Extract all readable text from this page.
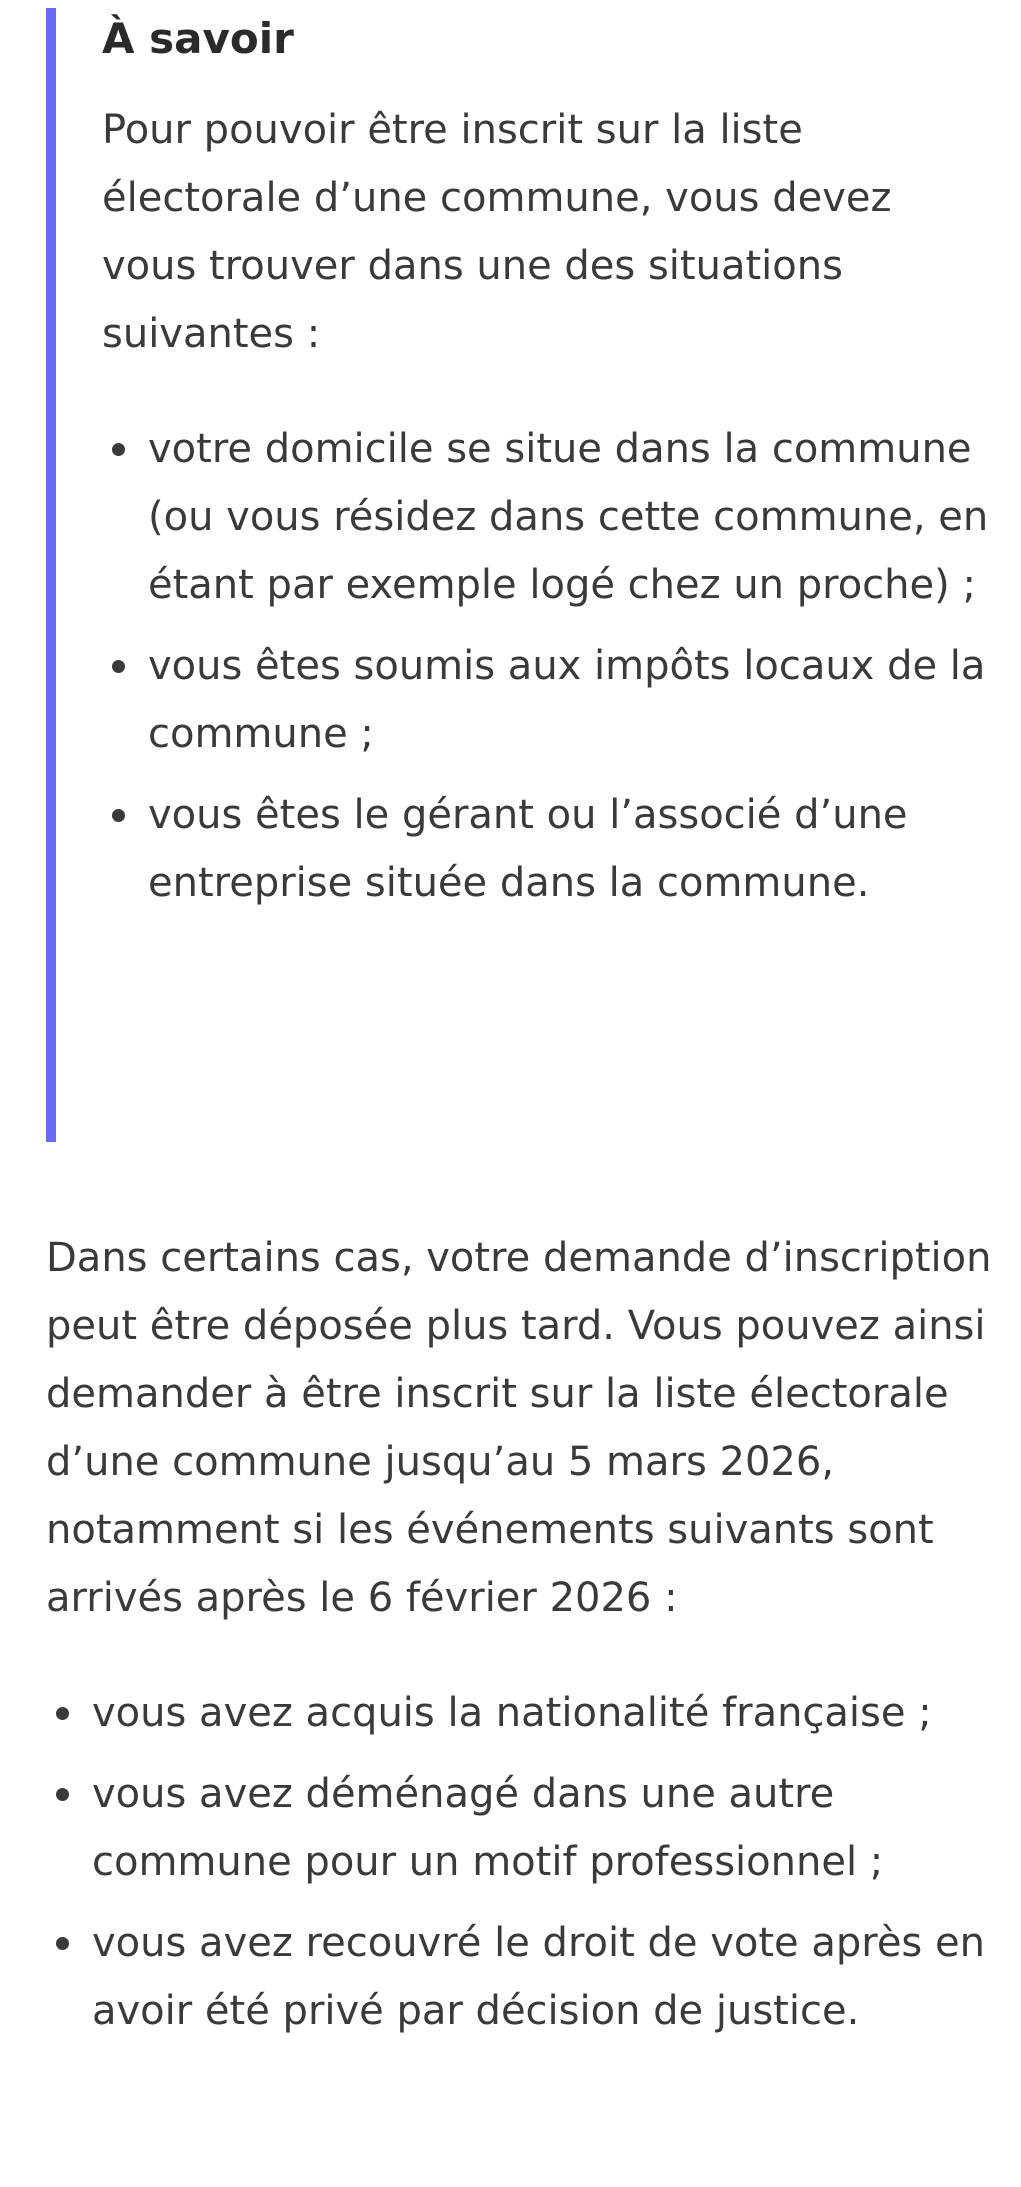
À savoir

Pour pouvoir être inscrit sur la liste électorale d’une commune, vous devez vous trouver dans une des situations suivantes :

votre domicile se situe dans la commune (ou vous résidez dans cette commune, en étant par exemple logé chez un proche) ;
vous êtes soumis aux impôts locaux de la commune ;
vous êtes le gérant ou l’associé d’une entreprise située dans la commune.

Dans certains cas, votre demande d’inscription peut être déposée plus tard. Vous pouvez ainsi demander à être inscrit sur la liste électorale d’une commune jusqu’au 5 mars 2026, notamment si les événements suivants sont arrivés après le 6 février 2026 :

vous avez acquis la nationalité française ;
vous avez déménagé dans une autre commune pour un motif professionnel ;
vous avez recouvré le droit de vote après en avoir été privé par décision de justice.
